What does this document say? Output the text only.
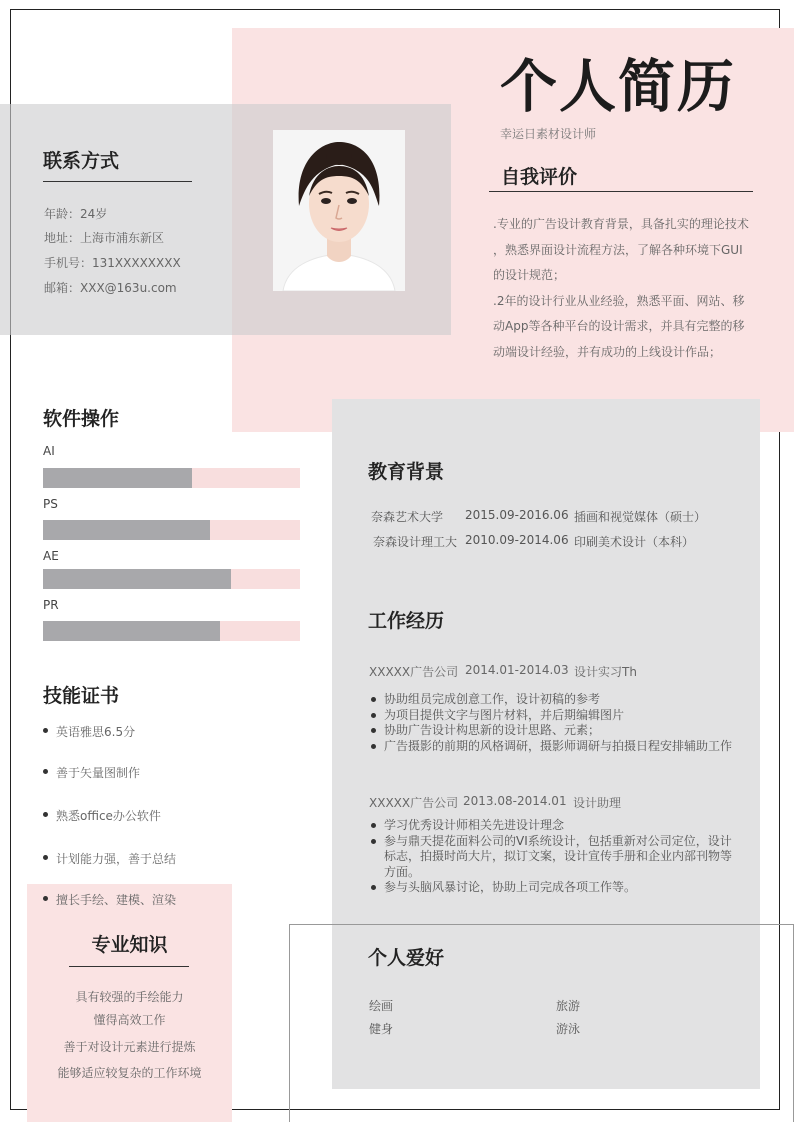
个人简历
幸运日素材设计师
联系方式
年龄：24岁
地址：上海市浦东新区
手机号：131XXXXXXXX
邮箱：XXX@163u.com
自我评价
.专业的广告设计教育背景，具备扎实的理论技术
，熟悉界面设计流程方法，了解各种环境下GUI
的设计规范；
.2年的设计行业从业经验，熟悉平面、网站、移
动App等各种平台的设计需求，并具有完整的移
动端设计经验，并有成功的上线设计作品；
软件操作
AI
PS
AE
PR
技能证书
英语雅思6.5分
善于矢量图制作
熟悉office办公软件
计划能力强，善于总结
擅长手绘、建模、渲染
专业知识
具有较强的手绘能力
懂得高效工作
善于对设计元素进行提炼
能够适应较复杂的工作环境
教育背景
奈森艺术大学 2015.09-2016.06 插画和视觉媒体（硕士）
奈森设计理工大 2010.09-2014.06 印刷美术设计（本科）
工作经历
XXXXX广告公司 2014.01-2014.03 设计实习Th
协助组员完成创意工作，设计初稿的参考
为项目提供文字与图片材料，并后期编辑图片
协助广告设计构思新的设计思路、元素；
广告摄影的前期的风格调研，摄影师调研与拍摄日程安排辅助工作
XXXXX广告公司 2013.08-2014.01 设计助理
学习优秀设计师相关先进设计理念
参与鼎天提花面料公司的VI系统设计，包括重新对公司定位，设计标志，拍摄时尚大片，拟订文案，设计宣传手册和企业内部刊物等方面。
参与头脑风暴讨论，协助上司完成各项工作等。
个人爱好
绘画	旅游
健身	游泳
